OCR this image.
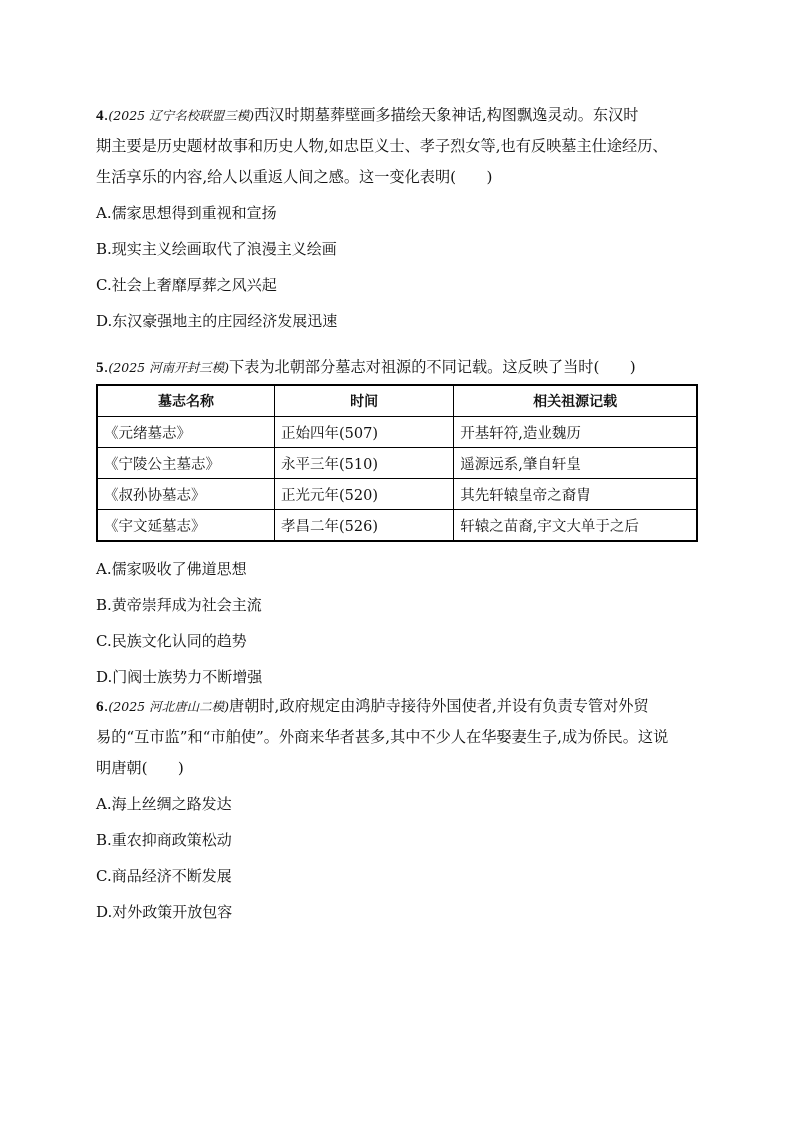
4.(2025 辽宁名校联盟三模)西汉时期墓葬壁画多描绘天象神话,构图飘逸灵动。东汉时
期主要是历史题材故事和历史人物,如忠臣义士、孝子烈女等,也有反映墓主仕途经历、
生活享乐的内容,给人以重返人间之感。这一变化表明(　　)

A.儒家思想得到重视和宣扬

B.现实主义绘画取代了浪漫主义绘画

C.社会上奢靡厚葬之风兴起

D.东汉豪强地主的庄园经济发展迅速

5.(2025 河南开封三模)下表为北朝部分墓志对祖源的不同记载。这反映了当时(　　)

墓志名称	时间	相关祖源记载
《元绪墓志》	正始四年(507)	开基轩符,造业魏历
《宁陵公主墓志》	永平三年(510)	遥源远系,肇自轩皇
《叔孙协墓志》	正光元年(520)	其先轩辕皇帝之裔胄
《宇文延墓志》	孝昌二年(526)	轩辕之苗裔,宇文大单于之后

A.儒家吸收了佛道思想

B.黄帝崇拜成为社会主流

C.民族文化认同的趋势

D.门阀士族势力不断增强

6.(2025 河北唐山二模)唐朝时,政府规定由鸿胪寺接待外国使者,并设有负责专管对外贸
易的“互市监”和“市舶使”。外商来华者甚多,其中不少人在华娶妻生子,成为侨民。这说
明唐朝(　　)

A.海上丝绸之路发达

B.重农抑商政策松动

C.商品经济不断发展

D.对外政策开放包容
